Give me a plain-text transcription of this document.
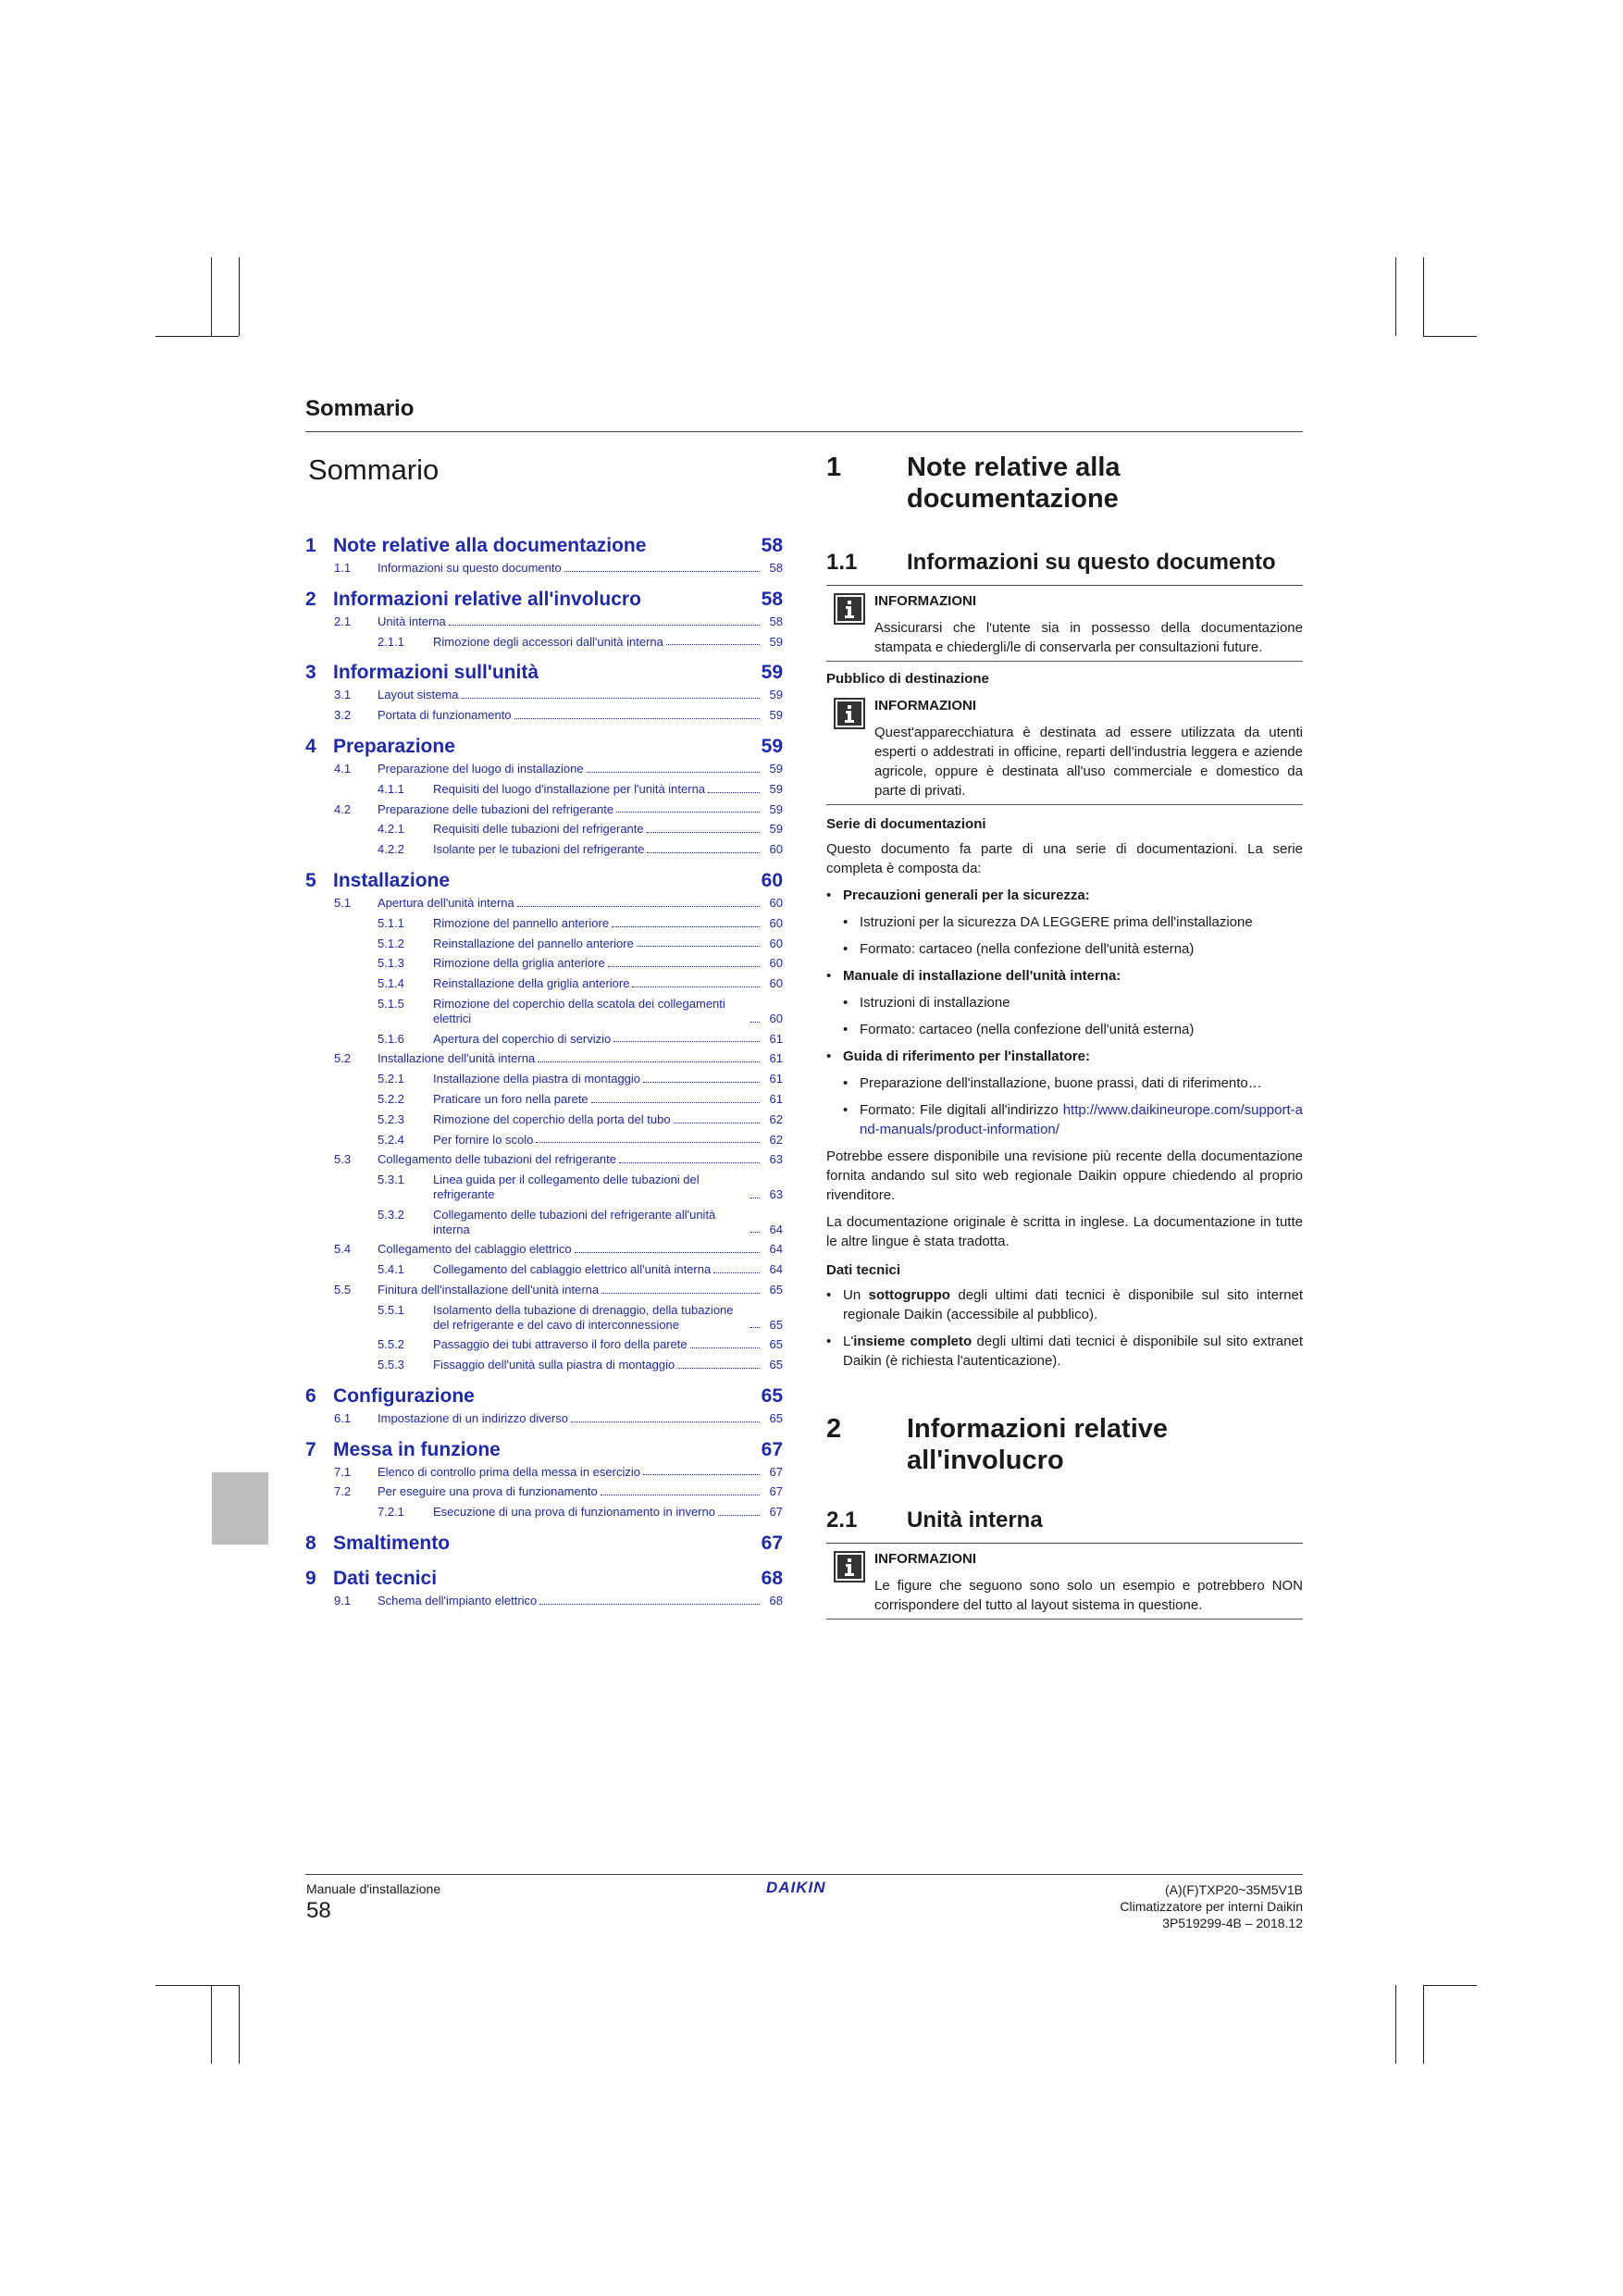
Sommario
Sommario
1 Note relative alla documentazione	58
1.1	Informazioni su questo documento	58
2 Informazioni relative all'involucro	58
2.1	Unità interna	58
2.1.1	Rimozione degli accessori dall'unità interna	59
3 Informazioni sull'unità	59
3.1	Layout sistema	59
3.2	Portata di funzionamento	59
4 Preparazione	59
4.1	Preparazione del luogo di installazione	59
4.1.1	Requisiti del luogo d'installazione per l'unità interna	59
4.2	Preparazione delle tubazioni del refrigerante	59
4.2.1	Requisiti delle tubazioni del refrigerante	59
4.2.2	Isolante per le tubazioni del refrigerante	60
5 Installazione	60
5.1	Apertura dell'unità interna	60
5.1.1	Rimozione del pannello anteriore	60
5.1.2	Reinstallazione del pannello anteriore	60
5.1.3	Rimozione della griglia anteriore	60
5.1.4	Reinstallazione della griglia anteriore	60
5.1.5	Rimozione del coperchio della scatola dei collegamenti elettrici	60
5.1.6	Apertura del coperchio di servizio	61
5.2	Installazione dell'unità interna	61
5.2.1	Installazione della piastra di montaggio	61
5.2.2	Praticare un foro nella parete	61
5.2.3	Rimozione del coperchio della porta del tubo	62
5.2.4	Per fornire lo scolo	62
5.3	Collegamento delle tubazioni del refrigerante	63
5.3.1	Linea guida per il collegamento delle tubazioni del refrigerante	63
5.3.2	Collegamento delle tubazioni del refrigerante all'unità interna	64
5.4	Collegamento del cablaggio elettrico	64
5.4.1	Collegamento del cablaggio elettrico all'unità interna	64
5.5	Finitura dell'installazione dell'unità interna	65
5.5.1	Isolamento della tubazione di drenaggio, della tubazione del refrigerante e del cavo di interconnessione	65
5.5.2	Passaggio dei tubi attraverso il foro della parete	65
5.5.3	Fissaggio dell'unità sulla piastra di montaggio	65
6 Configurazione	65
6.1	Impostazione di un indirizzo diverso	65
7 Messa in funzione	67
7.1	Elenco di controllo prima della messa in esercizio	67
7.2	Per eseguire una prova di funzionamento	67
7.2.1	Esecuzione di una prova di funzionamento in inverno	67
8 Smaltimento	67
9 Dati tecnici	68
9.1	Schema dell'impianto elettrico	68
1	Note relative alla
documentazione
1.1	Informazioni su questo documento
INFORMAZIONI
Assicurarsi che l'utente sia in possesso della documentazione stampata e chiedergli/le di conservarla per consultazioni future.
Pubblico di destinazione
INFORMAZIONI
Quest'apparecchiatura è destinata ad essere utilizzata da utenti esperti o addestrati in officine, reparti dell'industria leggera e aziende agricole, oppure è destinata all'uso commerciale e domestico da parte di privati.
Serie di documentazioni
Questo documento fa parte di una serie di documentazioni. La serie completa è composta da:
• Precauzioni generali per la sicurezza:
• Istruzioni per la sicurezza DA LEGGERE prima dell'installazione
• Formato: cartaceo (nella confezione dell'unità esterna)
• Manuale di installazione dell'unità interna:
• Istruzioni di installazione
• Formato: cartaceo (nella confezione dell'unità esterna)
• Guida di riferimento per l'installatore:
• Preparazione dell'installazione, buone prassi, dati di riferimento…
• Formato: File digitali all'indirizzo http://www.daikineurope.com/support-and-manuals/product-information/
Potrebbe essere disponibile una revisione più recente della documentazione fornita andando sul sito web regionale Daikin oppure chiedendo al proprio rivenditore.
La documentazione originale è scritta in inglese. La documentazione in tutte le altre lingue è stata tradotta.
Dati tecnici
• Un sottogruppo degli ultimi dati tecnici è disponibile sul sito internet regionale Daikin (accessibile al pubblico).
• L'insieme completo degli ultimi dati tecnici è disponibile sul sito extranet Daikin (è richiesta l'autenticazione).
2	Informazioni relative
all'involucro
2.1	Unità interna
INFORMAZIONI
Le figure che seguono sono solo un esempio e potrebbero NON corrispondere del tutto al layout sistema in questione.
Manuale d'installazione
58
DAIKIN	(A)(F)TXP20~35M5V1B
Climatizzatore per interni Daikin
3P519299-4B – 2018.12
